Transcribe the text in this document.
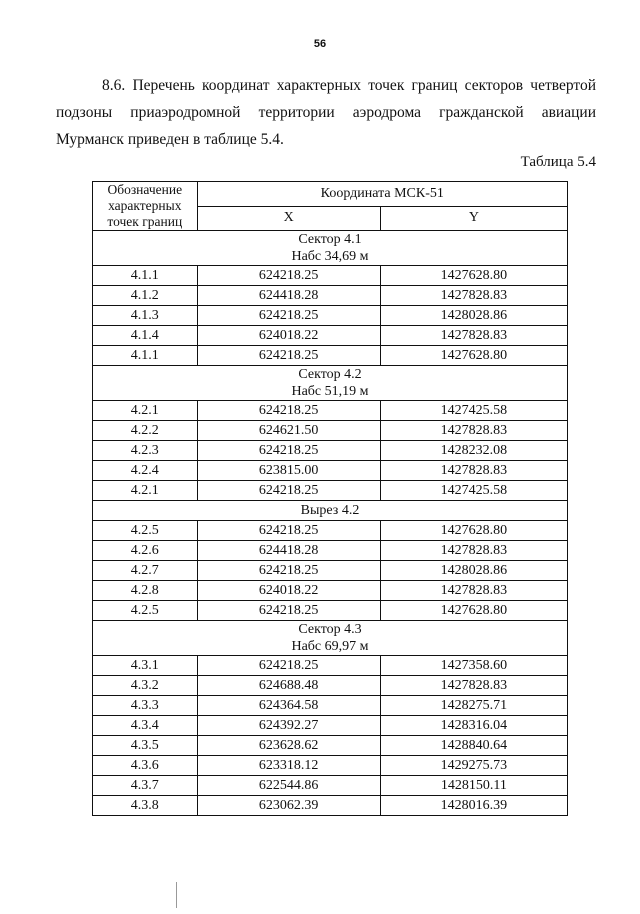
56
8.6. Перечень координат характерных точек границ секторов четвертой подзоны приаэродромной территории аэродрома гражданской авиации Мурманск приведен в таблице 5.4.
Таблица 5.4
Обозначение характерных точек границ	Координата МСК-51	
	X	Y

Сектор 4.1
Набс 34,69 м		

4.1.1	624218.25	1427628.80
4.1.2	624418.28	1427828.83
4.1.3	624218.25	1428028.86
4.1.4	624018.22	1427828.83
4.1.1	624218.25	1427628.80

Сектор 4.2
Набс 51,19 м		

4.2.1	624218.25	1427425.58
4.2.2	624621.50	1427828.83
4.2.3	624218.25	1428232.08
4.2.4	623815.00	1427828.83
4.2.1	624218.25	1427425.58

Вырез 4.2		

4.2.5	624218.25	1427628.80
4.2.6	624418.28	1427828.83
4.2.7	624218.25	1428028.86
4.2.8	624018.22	1427828.83
4.2.5	624218.25	1427628.80

Сектор 4.3
Набс 69,97 м		

4.3.1	624218.25	1427358.60
4.3.2	624688.48	1427828.83
4.3.3	624364.58	1428275.71
4.3.4	624392.27	1428316.04
4.3.5	623628.62	1428840.64
4.3.6	623318.12	1429275.73
4.3.7	622544.86	1428150.11
4.3.8	623062.39	1428016.39
